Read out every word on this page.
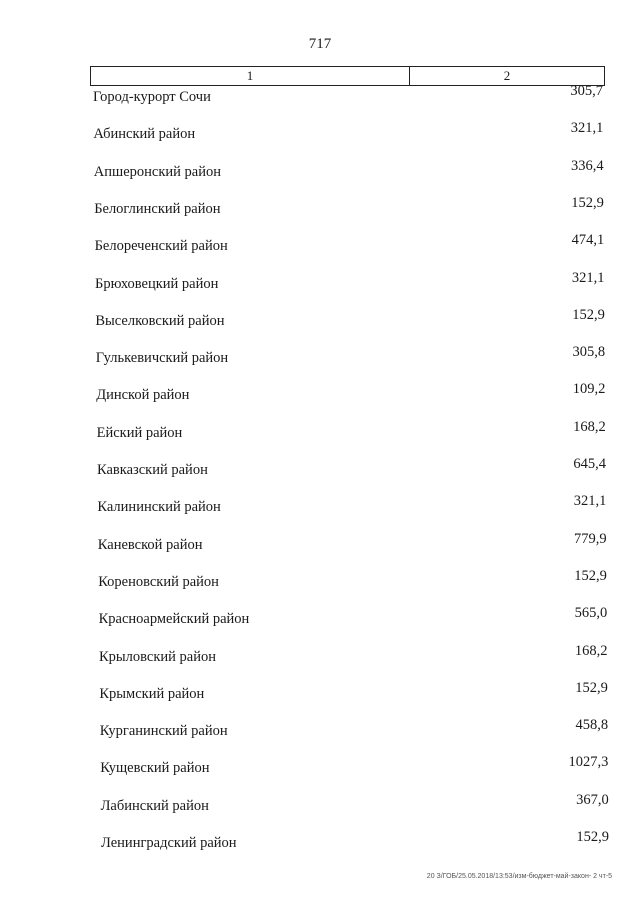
717
1	2
Город-курорт Сочи	305,7
Абинский район	321,1
Апшеронский район	336,4
Белоглинский район	152,9
Белореченский район	474,1
Брюховецкий район	321,1
Выселковский район	152,9
Гулькевичский район	305,8
Динской район	109,2
Ейский район	168,2
Кавказский район	645,4
Калининский район	321,1
Каневской район	779,9
Кореновский район	152,9
Красноармейский район	565,0
Крыловский район	168,2
Крымский район	152,9
Курганинский район	458,8
Кущевский район	1027,3
Лабинский район	367,0
Ленинградский район	152,9
20 З/ГОБ/25.05.2018/13:53/изм-бюджет-май-закон- 2 чт-5
